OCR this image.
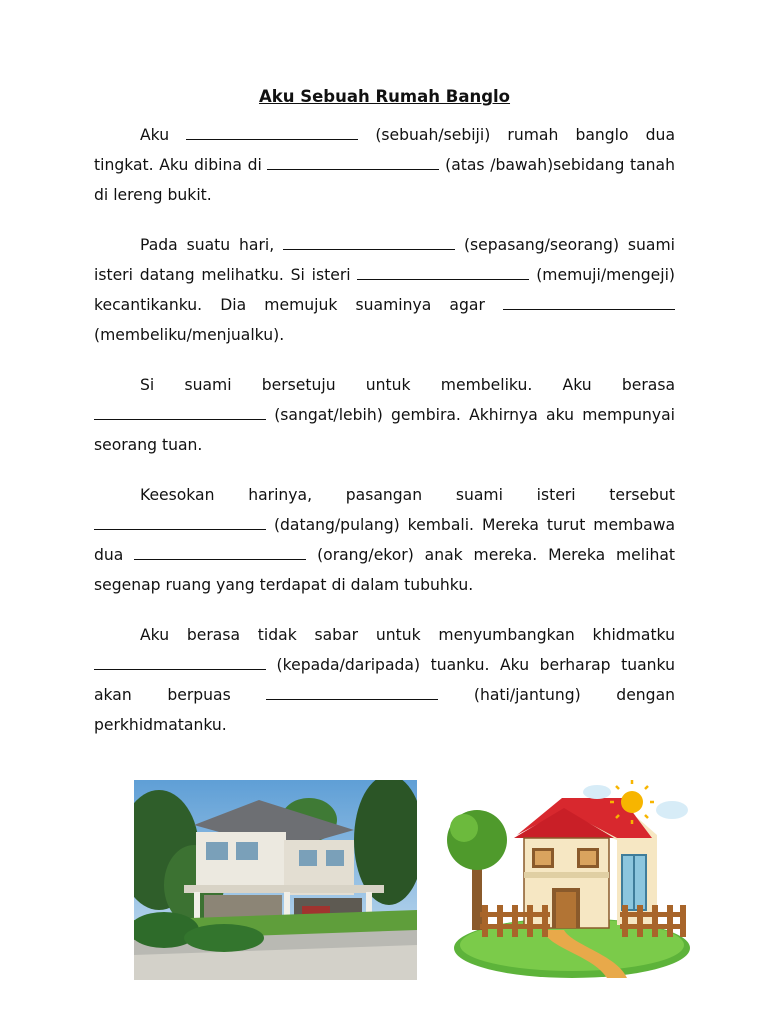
Aku Sebuah Rumah Banglo

Aku	(sebuah/sebiji) rumah banglo dua tingkat. Aku dibina di	(atas /bawah)sebidang tanah di lereng bukit.

Pada suatu hari,	(sepasang/seorang) suami isteri datang melihatku. Si isteri	(memuji/mengeji) kecantikanku. Dia memujuk suaminya agar  (membeliku/menjualku).

Si suami bersetuju untuk membeliku. Aku berasa  (sangat/lebih) gembira. Akhirnya aku mempunyai seorang tuan.

Keesokan harinya, pasangan suami isteri tersebut  (datang/pulang) kembali. Mereka turut membawa dua	(orang/ekor) anak mereka. Mereka melihat segenap ruang yang terdapat di dalam tubuhku.

Aku berasa tidak sabar untuk menyumbangkan khidmatku  (kepada/daripada) tuanku. Aku berharap tuanku akan berpuas	(hati/jantung) dengan perkhidmatanku.
